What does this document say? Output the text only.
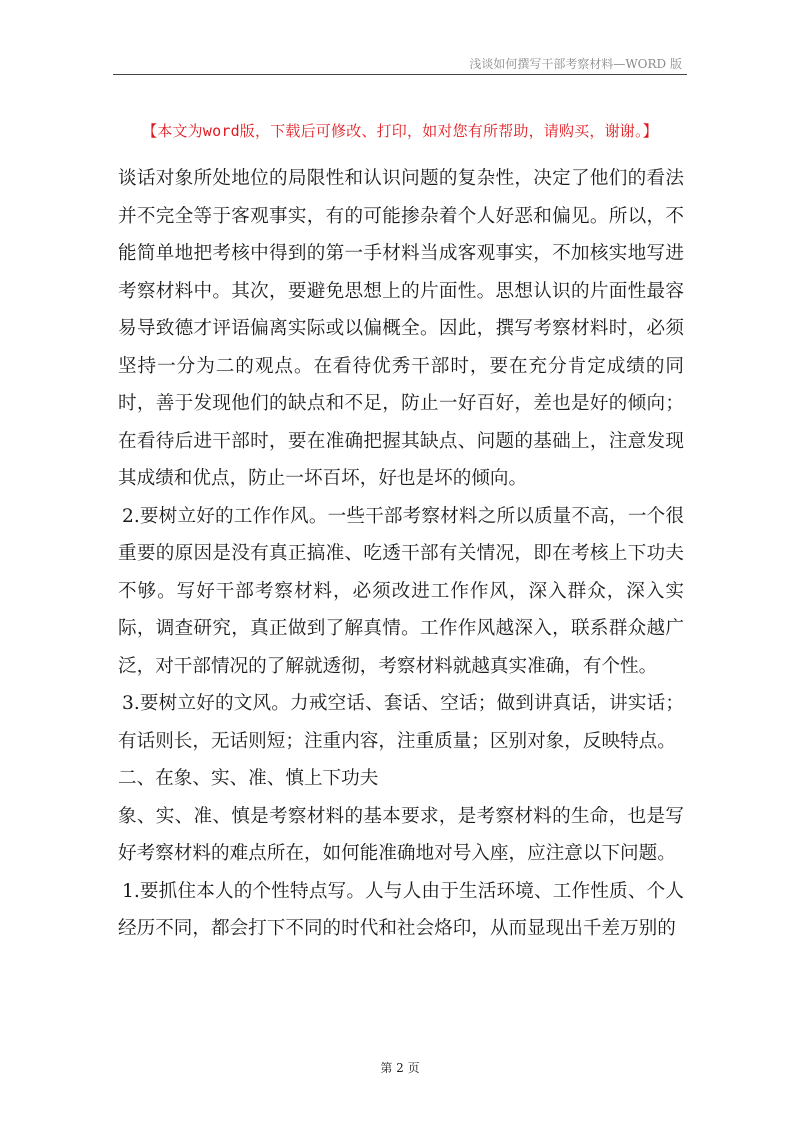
浅谈如何撰写干部考察材料—WORD 版
【本文为word版，下载后可修改、打印，如对您有所帮助，请购买，谢谢。】

谈话对象所处地位的局限性和认识问题的复杂性，决定了他们的看法并不完全等于客观事实，有的可能掺杂着个人好恶和偏见。所以，不能简单地把考核中得到的第一手材料当成客观事实，不加核实地写进考察材料中。其次，要避免思想上的片面性。思想认识的片面性最容易导致德才评语偏离实际或以偏概全。因此，撰写考察材料时，必须坚持一分为二的观点。在看待优秀干部时，要在充分肯定成绩的同时，善于发现他们的缺点和不足，防止一好百好，差也是好的倾向；在看待后进干部时，要在准确把握其缺点、问题的基础上，注意发现其成绩和优点，防止一坏百坏，好也是坏的倾向。

2.要树立好的工作作风。一些干部考察材料之所以质量不高，一个很重要的原因是没有真正搞准、吃透干部有关情况，即在考核上下功夫不够。写好干部考察材料，必须改进工作作风，深入群众，深入实际，调查研究，真正做到了解真情。工作作风越深入，联系群众越广泛，对干部情况的了解就透彻，考察材料就越真实准确，有个性。

3.要树立好的文风。力戒空话、套话、空话；做到讲真话，讲实话；有话则长，无话则短；注重内容，注重质量；区别对象，反映特点。

二、在象、实、准、慎上下功夫

象、实、准、慎是考察材料的基本要求，是考察材料的生命，也是写好考察材料的难点所在，如何能准确地对号入座，应注意以下问题。

1.要抓住本人的个性特点写。人与人由于生活环境、工作性质、个人经历不同，都会打下不同的时代和社会烙印，从而显现出千差万别的

第 2 页
